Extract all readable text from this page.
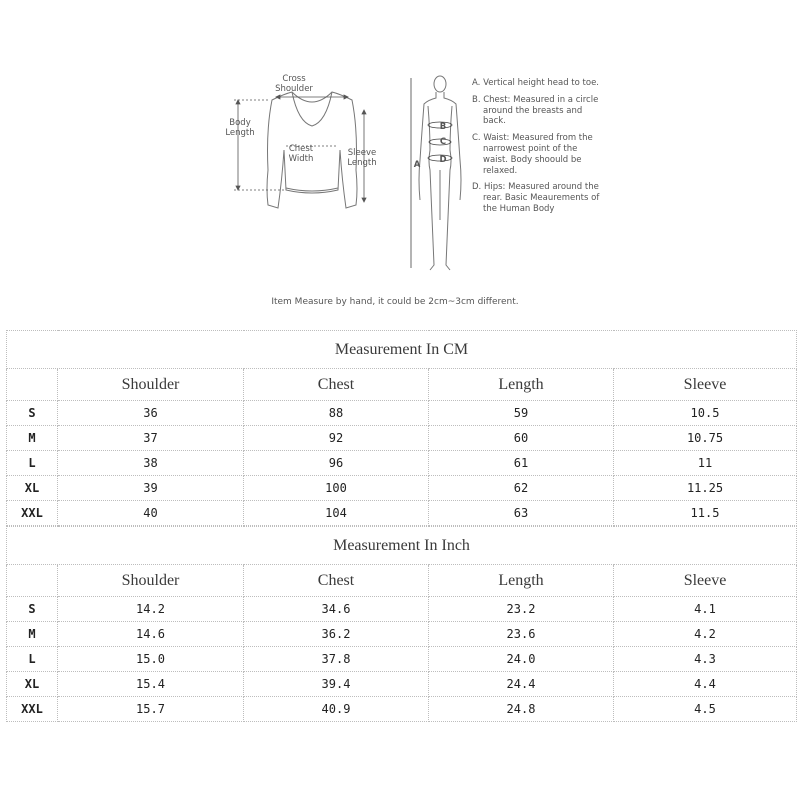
Cross
Shoulder
Body
Length
Chest
Width
Sleeve
Length
B
C
D
A

A. Vertical height head to toe.

B. Chest: Measured in a circle around the breasts and back.

C. Waist: Measured from the narrowest point of the waist. Body shoould be relaxed.

D. Hips: Measured around the rear. Basic Meaurements of the Human Body

Item Measure by hand, it could be 2cm~3cm different.
Measurement In CM				
	Shoulder	Chest	Length	Sleeve
S	36	88	59	10.5
M	37	92	60	10.75
L	38	96	61	11
XL	39	100	62	11.25
XXL	40	104	63	11.5
Measurement In Inch				
	Shoulder	Chest	Length	Sleeve
S	14.2	34.6	23.2	4.1
M	14.6	36.2	23.6	4.2
L	15.0	37.8	24.0	4.3
XL	15.4	39.4	24.4	4.4
XXL	15.7	40.9	24.8	4.5
